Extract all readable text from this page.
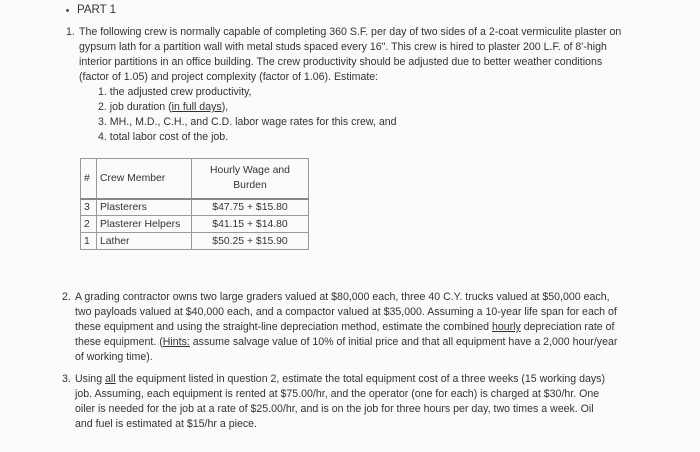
PART 1
1. The following crew is normally capable of completing 360 S.F. per day of two sides of a 2-coat vermiculite plaster on
gypsum lath for a partition wall with metal studs spaced every 16". This crew is hired to plaster 200 L.F. of 8'-high
interior partitions in an office building. The crew productivity should be adjusted due to better weather conditions
(factor of 1.05) and project complexity (factor of 1.06). Estimate:
1. the adjusted crew productivity,
2. job duration (in full days),
3. MH., M.D., C.H., and C.D. labor wage rates for this crew, and
4. total labor cost of the job.
#	Crew Member	Hourly Wage and
Burden

3	Plasterers	$47.75 + $15.80
2	Plasterer Helpers	$41.15 + $14.80
1	Lather	$50.25 + $15.90
2. A grading contractor owns two large graders valued at $80,000 each, three 40 C.Y. trucks valued at $50,000 each,
two payloads valued at $40,000 each, and a compactor valued at $35,000. Assuming a 10-year life span for each of
these equipment and using the straight-line depreciation method, estimate the combined hourly depreciation rate of
these equipment. (Hints: assume salvage value of 10% of initial price and that all equipment have a 2,000 hour/year
of working time).
3. Using all the equipment listed in question 2, estimate the total equipment cost of a three weeks (15 working days)
job. Assuming, each equipment is rented at $75.00/hr, and the operator (one for each) is charged at $30/hr. One
oiler is needed for the job at a rate of $25.00/hr, and is on the job for three hours per day, two times a week. Oil
and fuel is estimated at $15/hr a piece.
